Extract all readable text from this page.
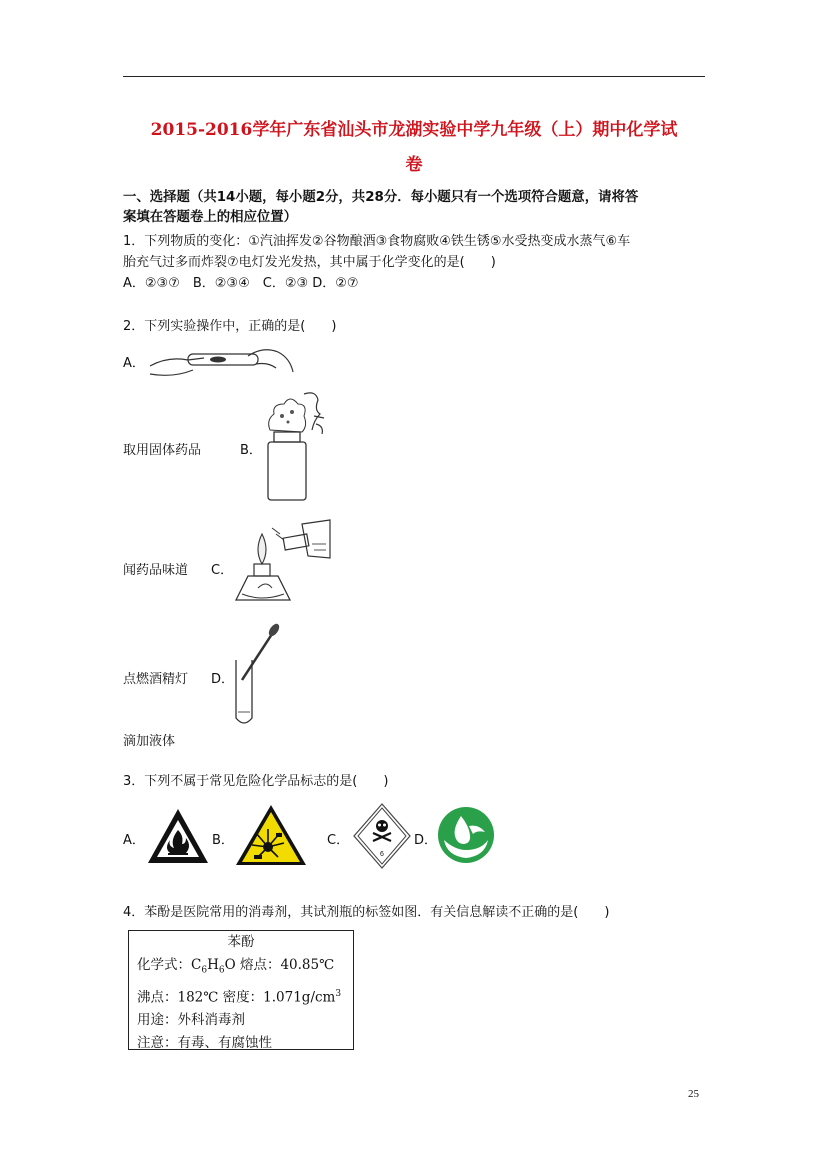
2015-2016学年广东省汕头市龙湖实验中学九年级（上）期中化学试
卷
一、选择题（共14小题，每小题2分，共28分．每小题只有一个选项符合题意，请将答
案填在答题卷上的相应位置）
1．下列物质的变化：①汽油挥发②谷物酿酒③食物腐败④铁生锈⑤水受热变成水蒸气⑥车
胎充气过多而炸裂⑦电灯发光发热，其中属于化学变化的是(　　)
A．②③⑦　B．②③④　C．②③ D．②⑦
2．下列实验操作中，正确的是(　　)
A．
取用固体药品	B．
闻药品味道 C．
点燃酒精灯 D．
滴加液体
3．下列不属于常见危险化学品标志的是(　　)
A．	B．	C．
6
D．
4．苯酚是医院常用的消毒剂，其试剂瓶的标签如图．有关信息解读不正确的是(　　)
苯酚
化学式：$C_6H_6O$ 熔点：40.85℃
沸点：182℃ 密度：$1.071g/cm^3$
用途：外科消毒剂
注意：有毒、有腐蚀性
25
